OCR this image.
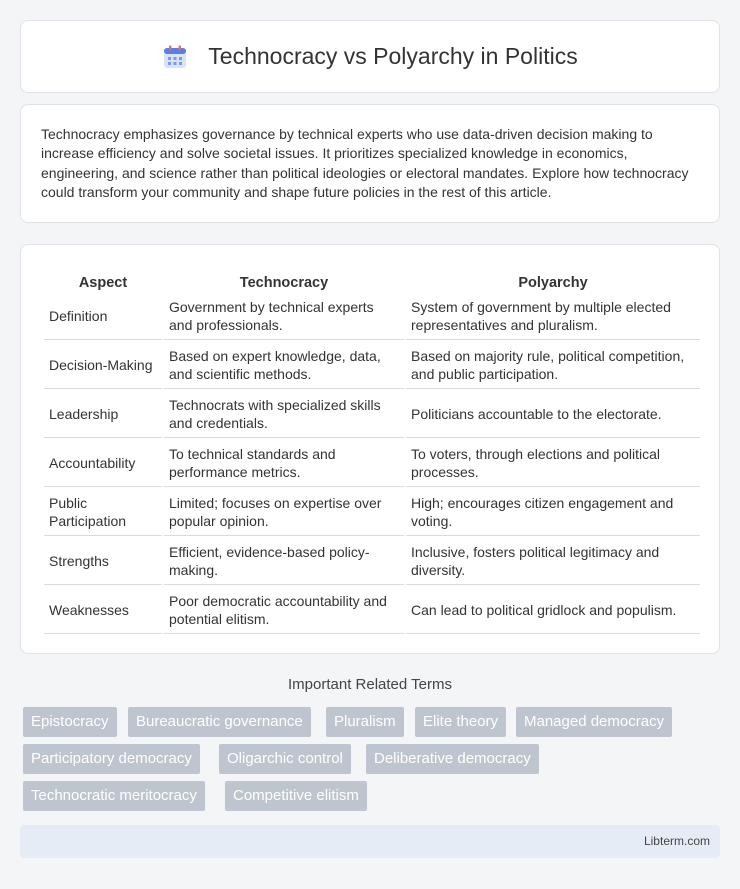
Technocracy vs Polyarchy in Politics

Technocracy emphasizes governance by technical experts who use data-driven decision making to increase efficiency and solve societal issues. It prioritizes specialized knowledge in economics, engineering, and science rather than political ideologies or electoral mandates. Explore how technocracy could transform your community and shape future policies in the rest of this article.

Aspect	Technocracy	Polyarchy
Definition	Government by technical experts and professionals.	System of government by multiple elected representatives and pluralism.
Decision-Making	Based on expert knowledge, data, and scientific methods.	Based on majority rule, political competition, and public participation.
Leadership	Technocrats with specialized skills and credentials.	Politicians accountable to the electorate.
Accountability	To technical standards and performance metrics.	To voters, through elections and political processes.
Public Participation	Limited; focuses on expertise over popular opinion.	High; encourages citizen engagement and voting.
Strengths	Efficient, evidence-based policy-making.	Inclusive, fosters political legitimacy and diversity.
Weaknesses	Poor democratic accountability and potential elitism.	Can lead to political gridlock and populism.
Important Related Terms
Epistocracy	Bureaucratic governance	Pluralism	Elite theory	Managed democracy
Participatory democracy	Oligarchic control	Deliberative democracy
Technocratic meritocracy	Competitive elitism
Libterm.com
